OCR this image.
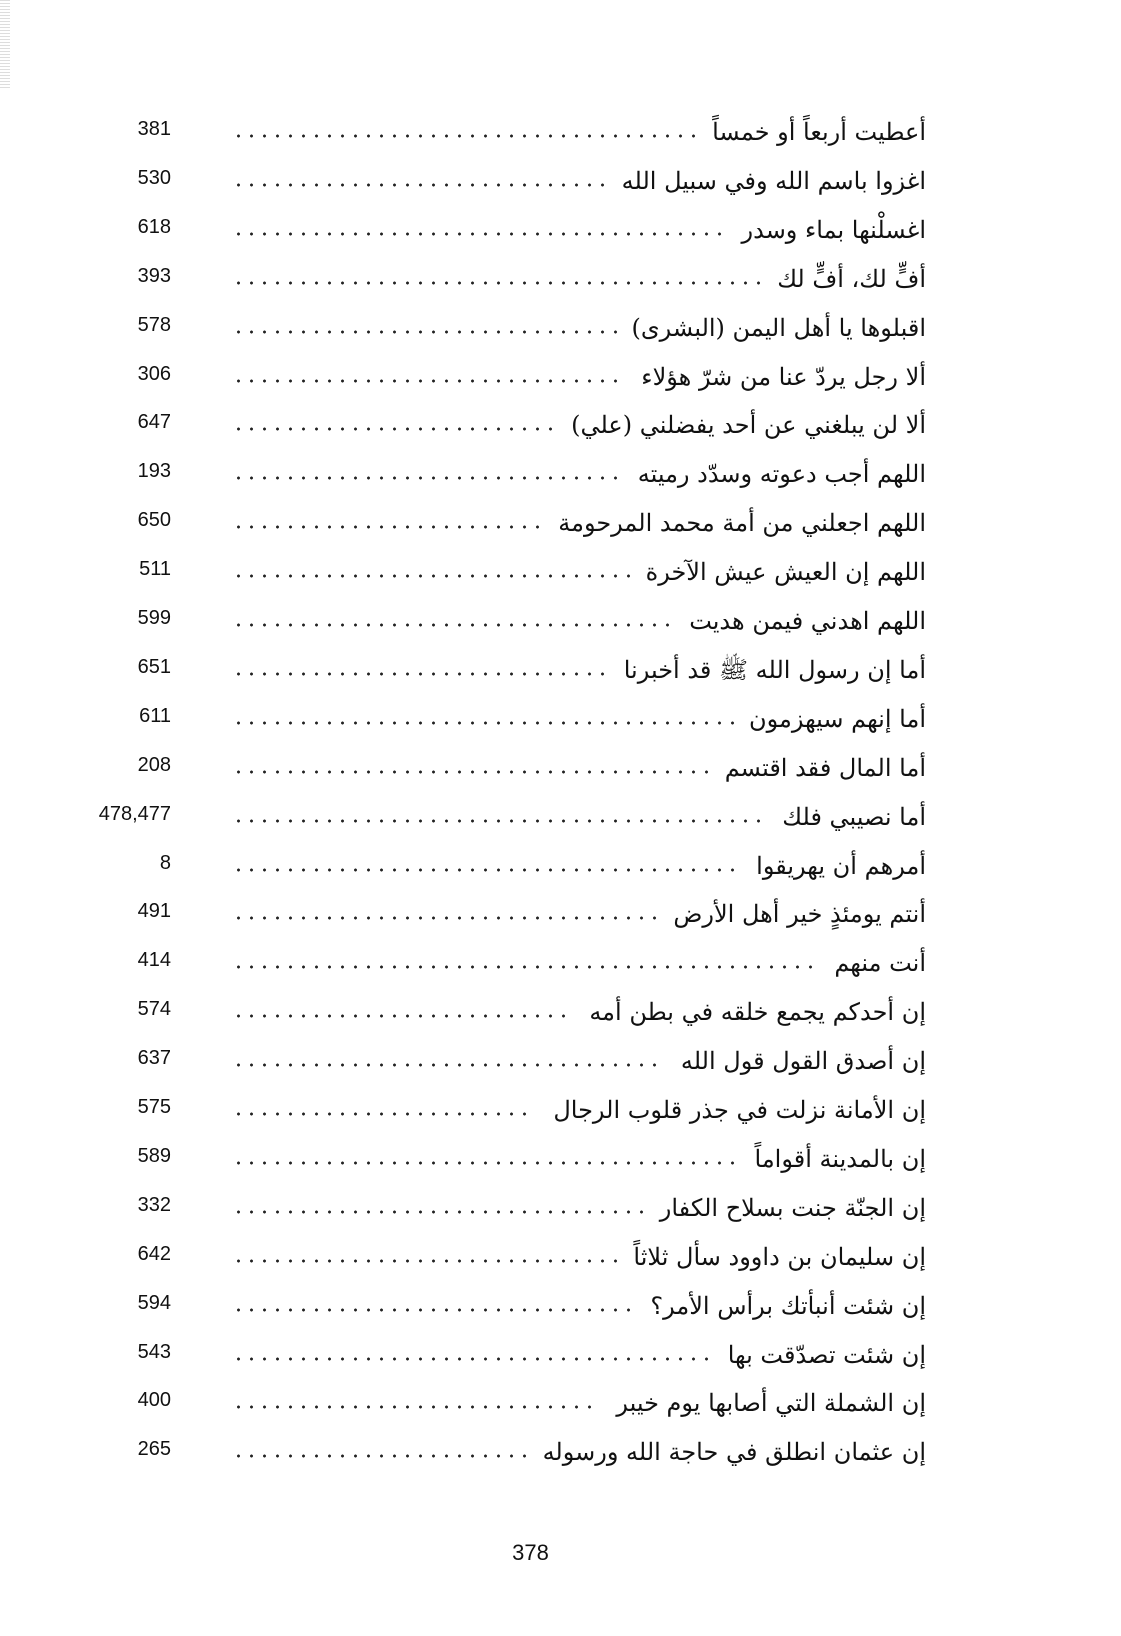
381	أعطيت أربعاً أو خمساً
530	اغزوا باسم الله وفي سبيل الله
618	اغسلْنها بماء وسدر
393	أفٍّ لك، أفٍّ لك
578	اقبلوها يا أهل اليمن (البشرى)
306	ألا رجل يردّ عنا من شرّ هؤلاء
647	ألا لن يبلغني عن أحد يفضلني (علي)
193	اللهم أجب دعوته وسدّد رميته
650	اللهم اجعلني من أمة محمد المرحومة
511	اللهم إن العيش عيش الآخرة
599	اللهم اهدني فيمن هديت
651	أما إن رسول الله ﷺ قد أخبرنا
611	أما إنهم سيهزمون
208	أما المال فقد اقتسم
478,477	أما نصيبي فلك
8	أمرهم أن يهريقوا
491	أنتم يومئذٍ خير أهل الأرض
414	أنت منهم
574	إن أحدكم يجمع خلقه في بطن أمه
637	إن أصدق القول قول الله
575	إن الأمانة نزلت في جذر قلوب الرجال
589	إن بالمدينة أقواماً
332	إن الجنّة جنت بسلاح الكفار
642	إن سليمان بن داوود سأل ثلاثاً
594	إن شئت أنبأتك برأس الأمر؟
543	إن شئت تصدّقت بها
400	إن الشملة التي أصابها يوم خيبر
265	إن عثمان انطلق في حاجة الله ورسوله
378
